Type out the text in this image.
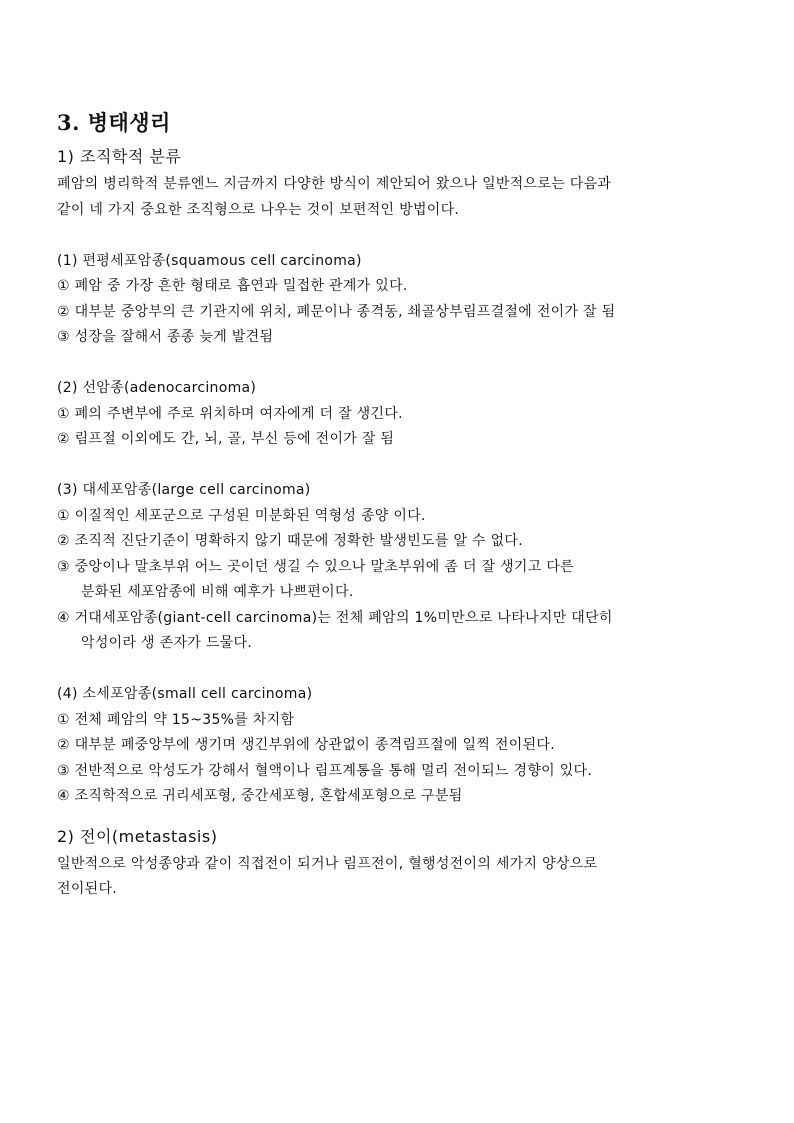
3. 병태생리
1) 조직학적 분류
폐암의 병리학적 분류엔느 지금까지 다양한 방식이 제안되어 왔으나 일반적으로는 다음과
같이 네 가지 중요한 조직형으로 나우는 것이 보편적인 방법이다.
(1) 편평세포암종(squamous cell carcinoma)
① 폐암 중 가장 흔한 형태로 흡연과 밀접한 관계가 있다.
② 대부분 중앙부의 큰 기관지에 위치, 폐문이나 종격동, 쇄골상부림프결절에 전이가 잘 됨
③ 성장을 잘해서 종종 늦게 발견됨
(2) 선암종(adenocarcinoma)
① 폐의 주변부에 주로 위치하며 여자에게 더 잘 생긴다.
② 림프절 이외에도 간, 뇌, 골, 부신 등에 전이가 잘 됨
(3) 대세포암종(large cell carcinoma)
① 이질적인 세포군으로 구성된 미분화된 역형성 종양 이다.
② 조직적 진단기준이 명확하지 않기 때문에 정확한 발생빈도를 알 수 없다.
③ 중앙이나 말초부위 어느 곳이던 생길 수 있으나 말초부위에 좀 더 잘 생기고 다른
분화된 세포암종에 비해 예후가 나쁘편이다.
④ 거대세포암종(giant-cell carcinoma)는 전체 폐암의 1%미만으로 나타나지만 대단히
악성이라 생 존자가 드물다.
(4) 소세포암종(small cell carcinoma)
① 전체 폐암의 약 15~35%를 차지함
② 대부분 폐중앙부에 생기며 생긴부위에 상관없이 종격림프절에 일찍 전이된다.
③ 전반적으로 악성도가 강해서 혈액이나 림프계통을 통해 멀리 전이되느 경향이 있다.
④ 조직학적으로 귀리세포형, 중간세포형, 혼합세포형으로 구분됨
2) 전이(metastasis)
일반적으로 악성종양과 같이 직접전이 되거나 림프전이, 혈행성전이의 세가지 양상으로
전이된다.
